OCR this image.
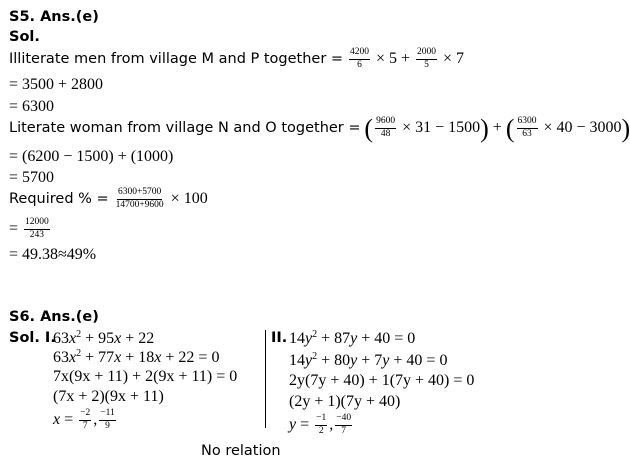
S5. Ans.(e)
Sol.
Illiterate men from village M and P together = $\frac{4200}{6} \times 5 + \frac{2000}{5} \times 7$
= 3500 + 2800
= 6300
Literate woman from village N and O together = ( $\frac{9600}{48} \times 31 - 1500$) + ( $\frac{6300}{63} \times 40 - 3000$)
= (6200 − 1500) + (1000)
= 5700
Required % = $\frac{6300+5700}{14700+9600} \times 100$
= $\frac{12000}{243}$
= 49.38≈49%
S6. Ans.(e)
Sol. I.
$63x^2 + 95x + 22$
$63x^2 + 77x + 18x + 22 = 0$
7x(9x + 11) + 2(9x + 11) = 0
(7x + 2)(9x + 11)
$x = \frac{-2}{7}$ , $\frac{-11}{9}$
II. $14y^2 + 87y + 40 = 0$
$14y^2 + 80y + 7y + 40 = 0$
2y(7y + 40) + 1(7y + 40) = 0
(2y + 1)(7y + 40)
$y = \frac{-1}{2}$ , $\frac{-40}{7}$
No relation
